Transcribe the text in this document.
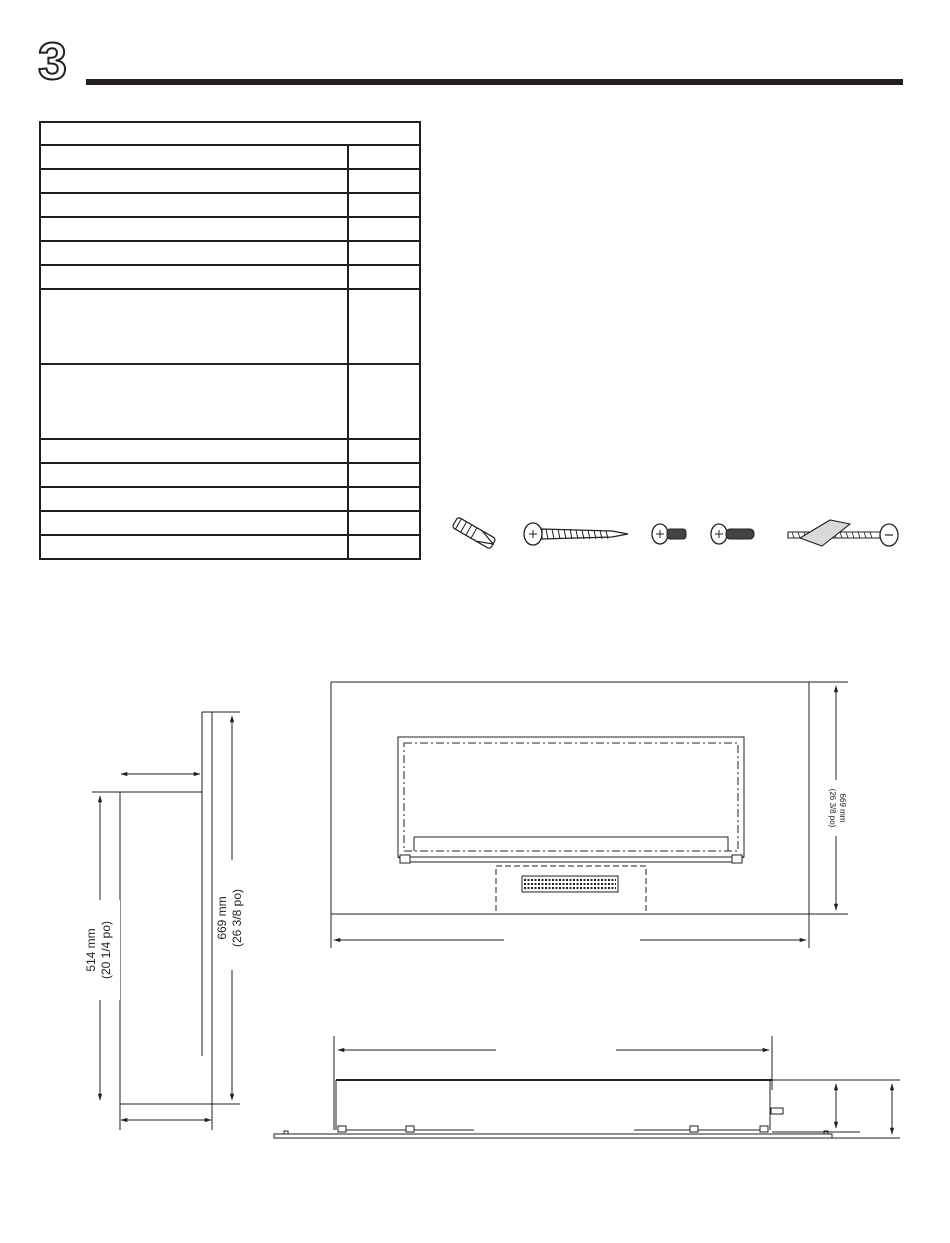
3

514 mm (20 1/4 po)
669 mm (26 3/8 po)
669 mm
(26 3/8 po)
